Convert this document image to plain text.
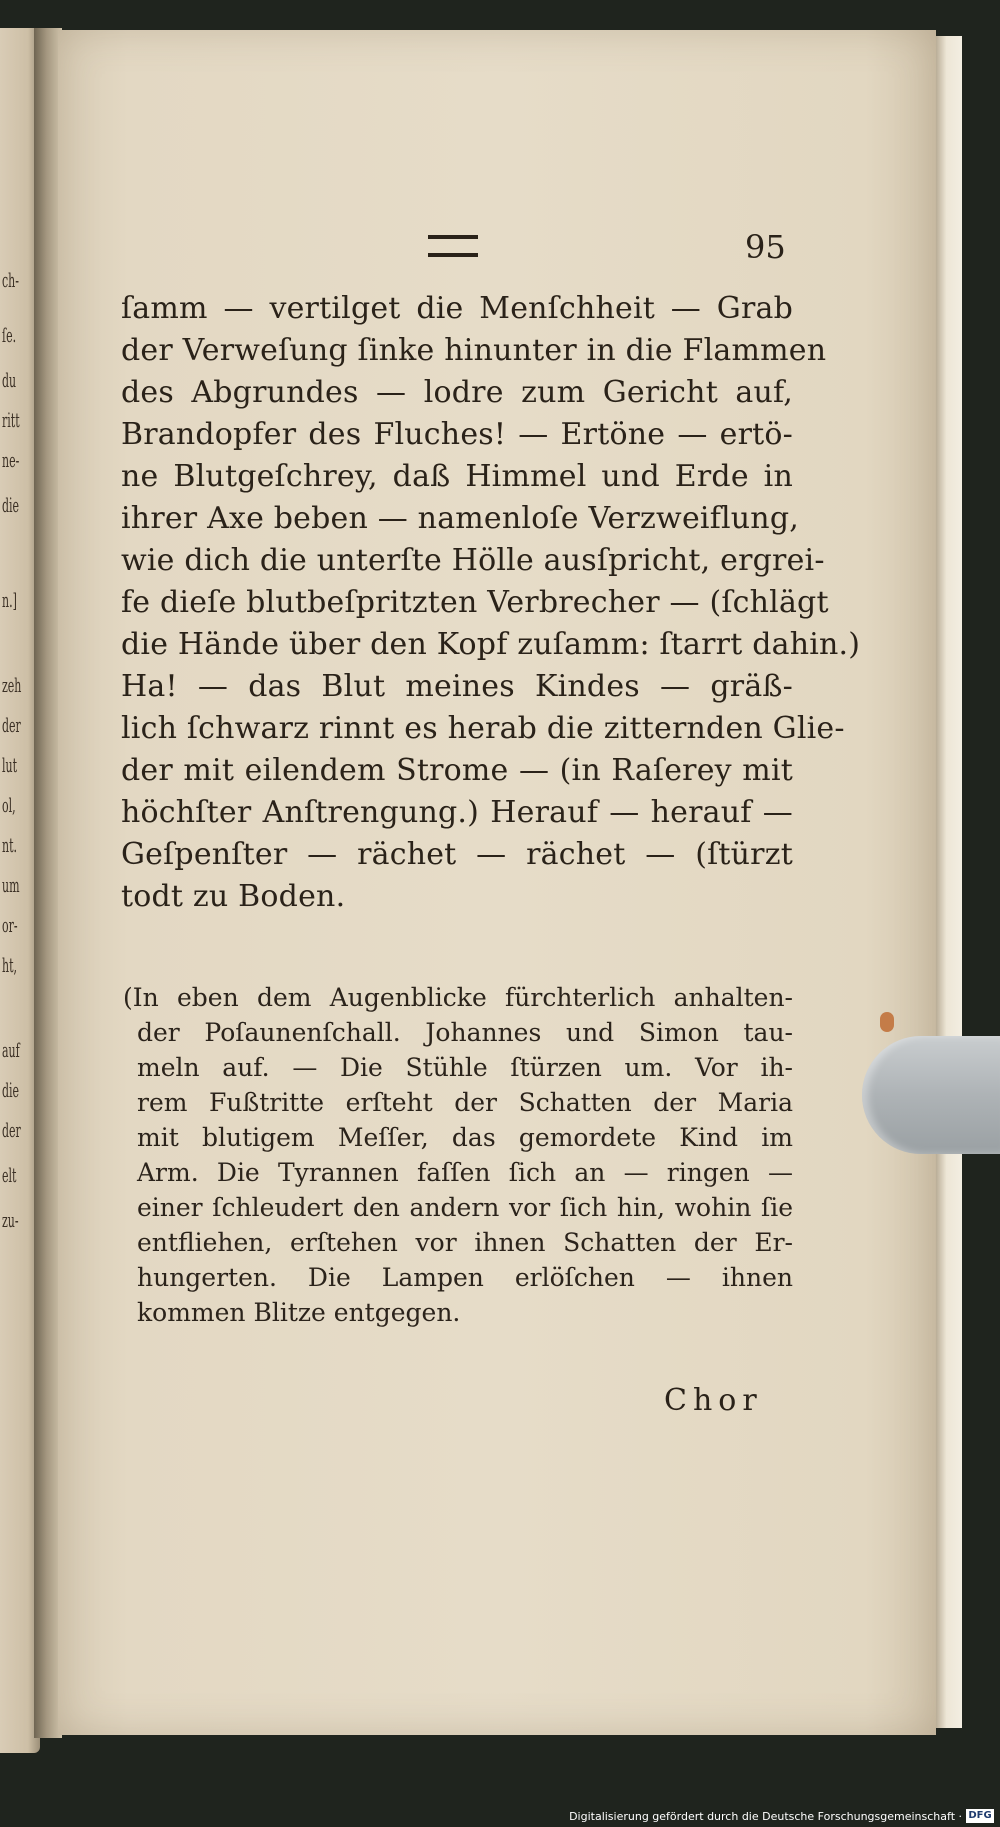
ch-
ſe.
du
ritt
ne-
die
n.]
zeh
der
lut
ol,
nt.
um
or-
ht,
auf
die
der
elt
zu-
95
ſamm — vertilget die Menſchheit — Grab
der Verweſung ſinke hinunter in die Flammen
des Abgrundes — lodre zum Gericht auf,
Brandopfer des Fluches! — Ertöne — ertö-
ne Blutgeſchrey, daß Himmel und Erde in
ihrer Axe beben — namenloſe Verzweiflung,
wie dich die unterſte Hölle ausſpricht, ergrei-
fe dieſe blutbeſpritzten Verbrecher — (ſchlägt
die Hände über den Kopf zuſamm: ſtarrt dahin.)
Ha! — das Blut meines Kindes — gräß-
lich ſchwarz rinnt es herab die zitternden Glie-
der mit eilendem Strome — (in Raſerey mit
höchſter Anſtrengung.) Herauf — herauf —
Geſpenſter — rächet — rächet — (ſtürzt
todt zu Boden.
(In eben dem Augenblicke fürchterlich anhalten-
der Poſaunenſchall. Johannes und Simon tau-
meln auf. — Die Stühle ſtürzen um. Vor ih-
rem Fußtritte erſteht der Schatten der Maria
mit blutigem Meſſer, das gemordete Kind im
Arm. Die Tyrannen faſſen ſich an — ringen —
einer ſchleudert den andern vor ſich hin, wohin ſie
entfliehen, erſtehen vor ihnen Schatten der Er-
hungerten. Die Lampen erlöſchen — ihnen
kommen Blitze entgegen.
Chor
Digitalisierung gefördert durch die Deutsche Forschungsgemeinschaft · DFG
